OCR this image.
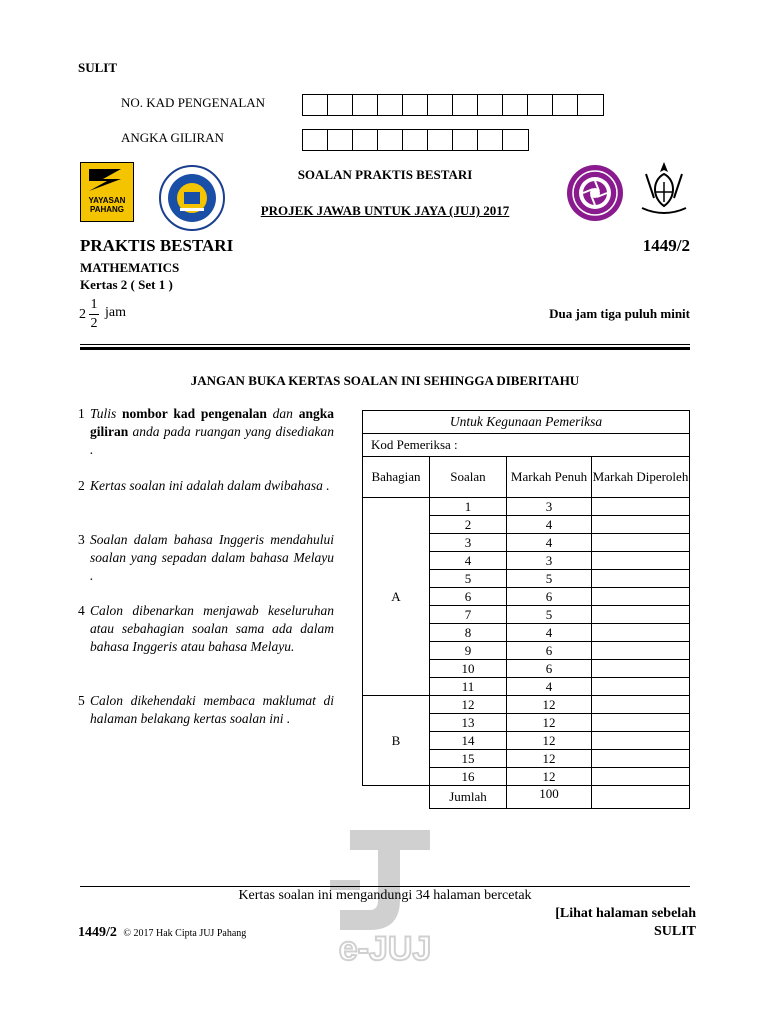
SULIT
NO. KAD PENGENALAN
ANGKA GILIRAN
YAYASAN
PAHANG
SOALAN PRAKTIS BESTARI
PROJEK JAWAB UNTUK JAYA (JUJ) 2017
PRAKTIS BESTARI	1449/2
MATHEMATICS
Kertas 2 ( Set 1 )
2
1
2
jam	Dua jam tiga puluh minit
JANGAN BUKA KERTAS SOALAN INI SEHINGGA DIBERITAHU
1 Tulis nombor kad pengenalan dan angka giliran anda pada ruangan yang disediakan .
2 Kertas soalan ini adalah dalam dwibahasa .
3 Soalan dalam bahasa Inggeris mendahului soalan yang sepadan dalam bahasa Melayu .
4 Calon dibenarkan menjawab keseluruhan atau sebahagian soalan sama ada dalam bahasa Inggeris atau bahasa Melayu.
5 Calon dikehendaki membaca maklumat di halaman belakang kertas soalan ini .
Untuk Kegunaan Pemeriksa			
Kod Pemeriksa :			
Bahagian	Soalan	Markah Penuh	Markah Diperoleh
A	1	3	
	2	4	
	3	4	
	4	3	
	5	5	
	6	6	
	7	5	
	8	4	
	9	6	
	10	6	
	11	4	
B	12	12	
	13	12	
	14	12	
	15	12	
	16	12	
	Jumlah	100	
e-JUJ
Kertas soalan ini mengandungi 34 halaman bercetak
[Lihat halaman sebelah
1449/2 © 2017 Hak Cipta JUJ Pahang	SULIT
